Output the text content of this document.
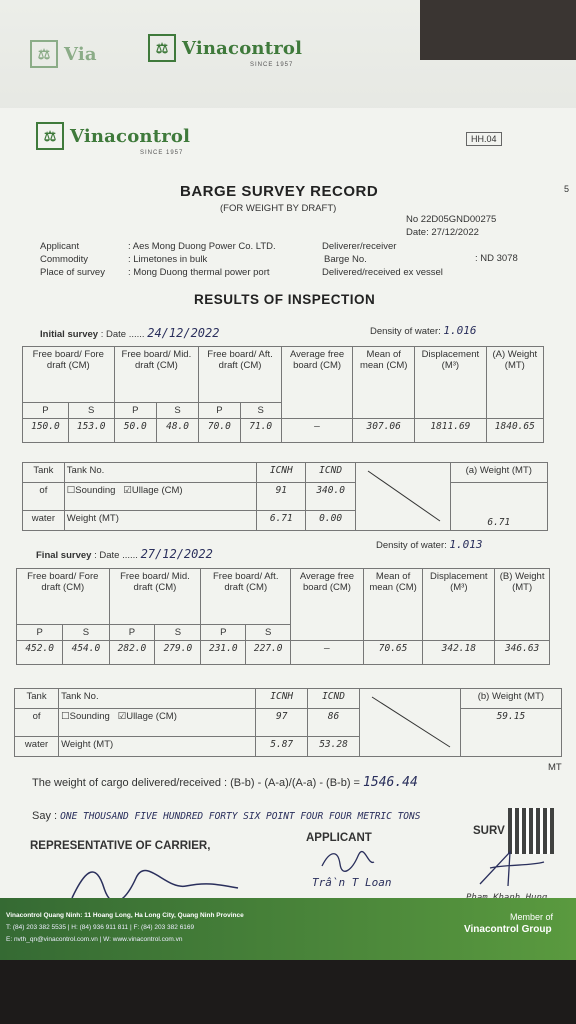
⚖ Via	⚖ Vinacontrol
SINCE 1957
⚖ Vinacontrol
SINCE 1957
HH.04
5
BARGE SURVEY RECORD
(FOR WEIGHT BY DRAFT)
No 22D05GND00275
Date: 27/12/2022
Applicant	: Aes Mong Duong Power Co. LTD.
Commodity	: Limetones in bulk
Place of survey : Mong Duong thermal power port
Deliverer/receiver
Barge No.	: ND 3078
Delivered/received ex vessel
RESULTS OF INSPECTION
Initial survey : Date ...... 24/12/2022	Density of water: 1.016
Free board/ Fore draft (CM)		Free board/ Mid. draft (CM)		Free board/ Aft. draft (CM)		Average free board (CM)	Mean of mean (CM)	Displacement (M³)	(A) Weight (MT)
P	S	P	S	P	S				
150.0	153.0	50.0	48.0	70.0	71.0	–	307.06	1811.69	1840.65
Tank	Tank No.	ICNH	ICND		(a) Weight (MT)
of	☐Sounding ☑Ullage (CM)	91	340.0		6.71
water	Weight (MT)	6.71	0.00		
Final survey : Date ...... 27/12/2022
Density of water: 1.013
Free board/ Fore draft (CM)		Free board/ Mid. draft (CM)		Free board/ Aft. draft (CM)		Average free board (CM)	Mean of mean (CM)	Displacement (M³)	(B) Weight (MT)
P	S	P	S	P	S				
452.0	454.0	282.0	279.0	231.0	227.0	–	70.65	342.18	346.63
Tank	Tank No.	ICNH	ICND		(b) Weight (MT)
of	☐Sounding ☑Ullage (CM)	97	86		59.15
water	Weight (MT)	5.87	53.28		
The weight of cargo delivered/received : (B-b) - (A-a)/(A-a) - (B-b) = 1546.44
MT
Say : ONE THOUSAND FIVE HUNDRED FORTY SIX POINT FOUR FOUR METRIC TONS
REPRESENTATIVE OF CARRIER,
APPLICANT
SURV
Trần T Loan
Vinacontrol Quang Ninh: 11 Hoang Long, Ha Long City, Quang Ninh Province
T: (84) 203 382 5535 | H: (84) 936 911 811 | F: (84) 203 382 6169
E: nvth_qn@vinacontrol.com.vn | W: www.vinacontrol.com.vn
Member of
Vinacontrol Group
